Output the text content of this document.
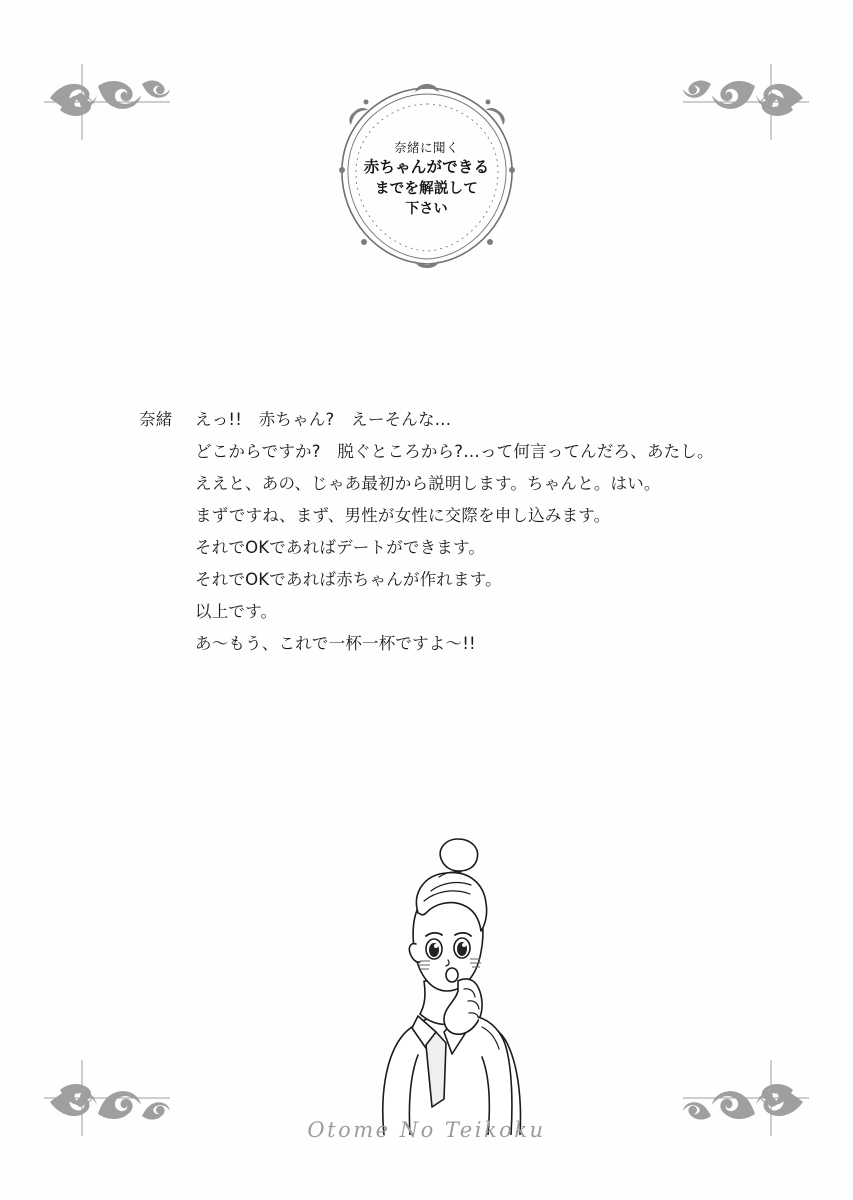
奈緒に聞く
赤ちゃんができる
までを解説して
下さい
奈緒	えっ!!　赤ちゃん?　えーそんな…
どこからですか?　脱ぐところから?…って何言ってんだろ、あたし。
ええと、あの、じゃあ最初から説明します。ちゃんと。はい。
まずですね、まず、男性が女性に交際を申し込みます。
それでOKであればデートができます。
それでOKであれば赤ちゃんが作れます。
以上です。
あ〜もう、これで一杯一杯ですよ〜!!
Otome No Teikoku
